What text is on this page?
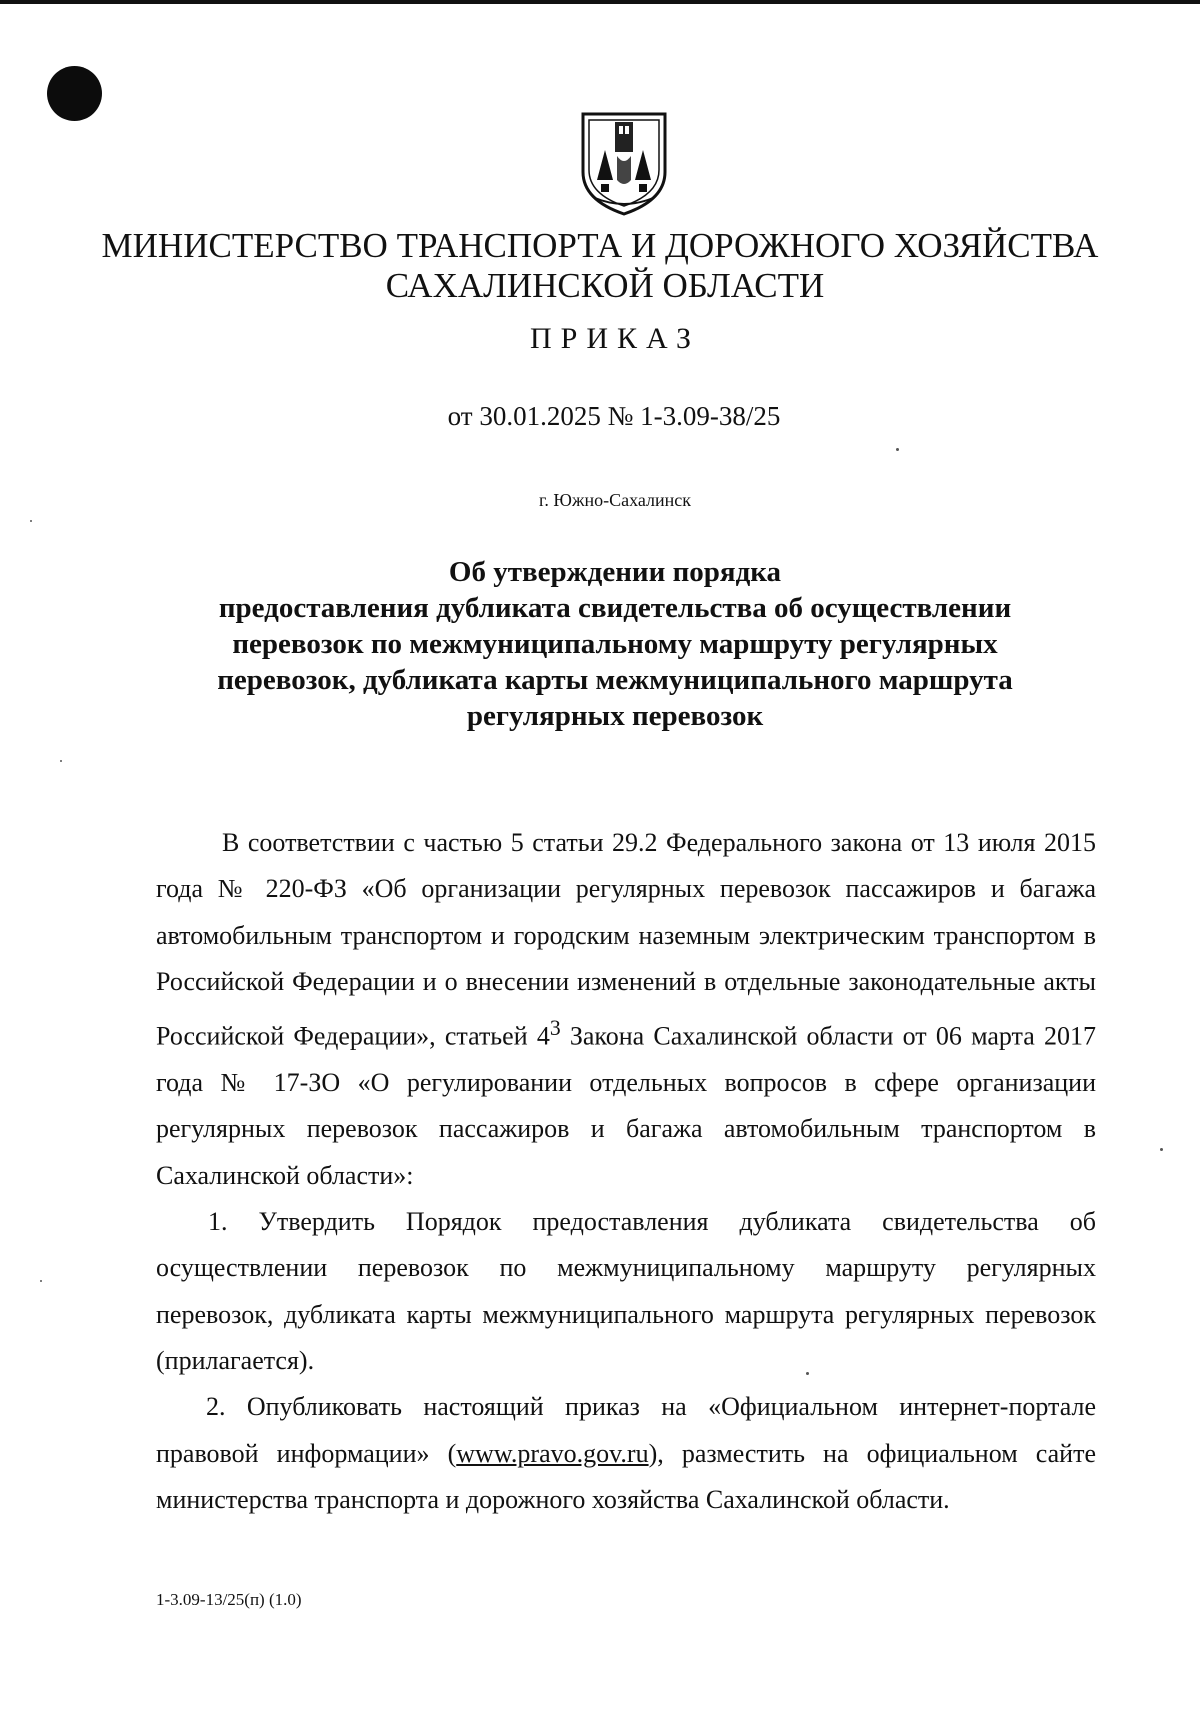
МИНИСТЕРСТВО ТРАНСПОРТА И ДОРОЖНОГО ХОЗЯЙСТВА
САХАЛИНСКОЙ ОБЛАСТИ
ПРИКАЗ
от 30.01.2025 № 1-3.09-38/25
г. Южно-Сахалинск
Об утверждении порядка
предоставления дубликата свидетельства об осуществлении
перевозок по межмуниципальному маршруту регулярных
перевозок, дубликата карты межмуниципального маршрута
регулярных перевозок

В соответствии с частью 5 статьи 29.2 Федерального закона от 13 июля 2015 года № 220-ФЗ «Об организации регулярных перевозок пассажиров и багажа автомобильным транспортом и городским наземным электрическим транспортом в Российской Федерации и о внесении изменений в отдельные законодательные акты Российской Федерации», статьей $4^3$ Закона Сахалинской области от 06 марта 2017 года № 17-ЗО «О регулировании отдельных вопросов в сфере организации регулярных перевозок пассажиров и багажа автомобильным транспортом в Сахалинской области»:

1. Утвердить Порядок предоставления дубликата свидетельства об осуществлении перевозок по межмуниципальному маршруту регулярных перевозок, дубликата карты межмуниципального маршрута регулярных перевозок (прилагается).

2. Опубликовать настоящий приказ на «Официальном интернет-портале правовой информации» (www.pravo.gov.ru), разместить на официальном сайте министерства транспорта и дорожного хозяйства Сахалинской области.

1-3.09-13/25(п) (1.0)
